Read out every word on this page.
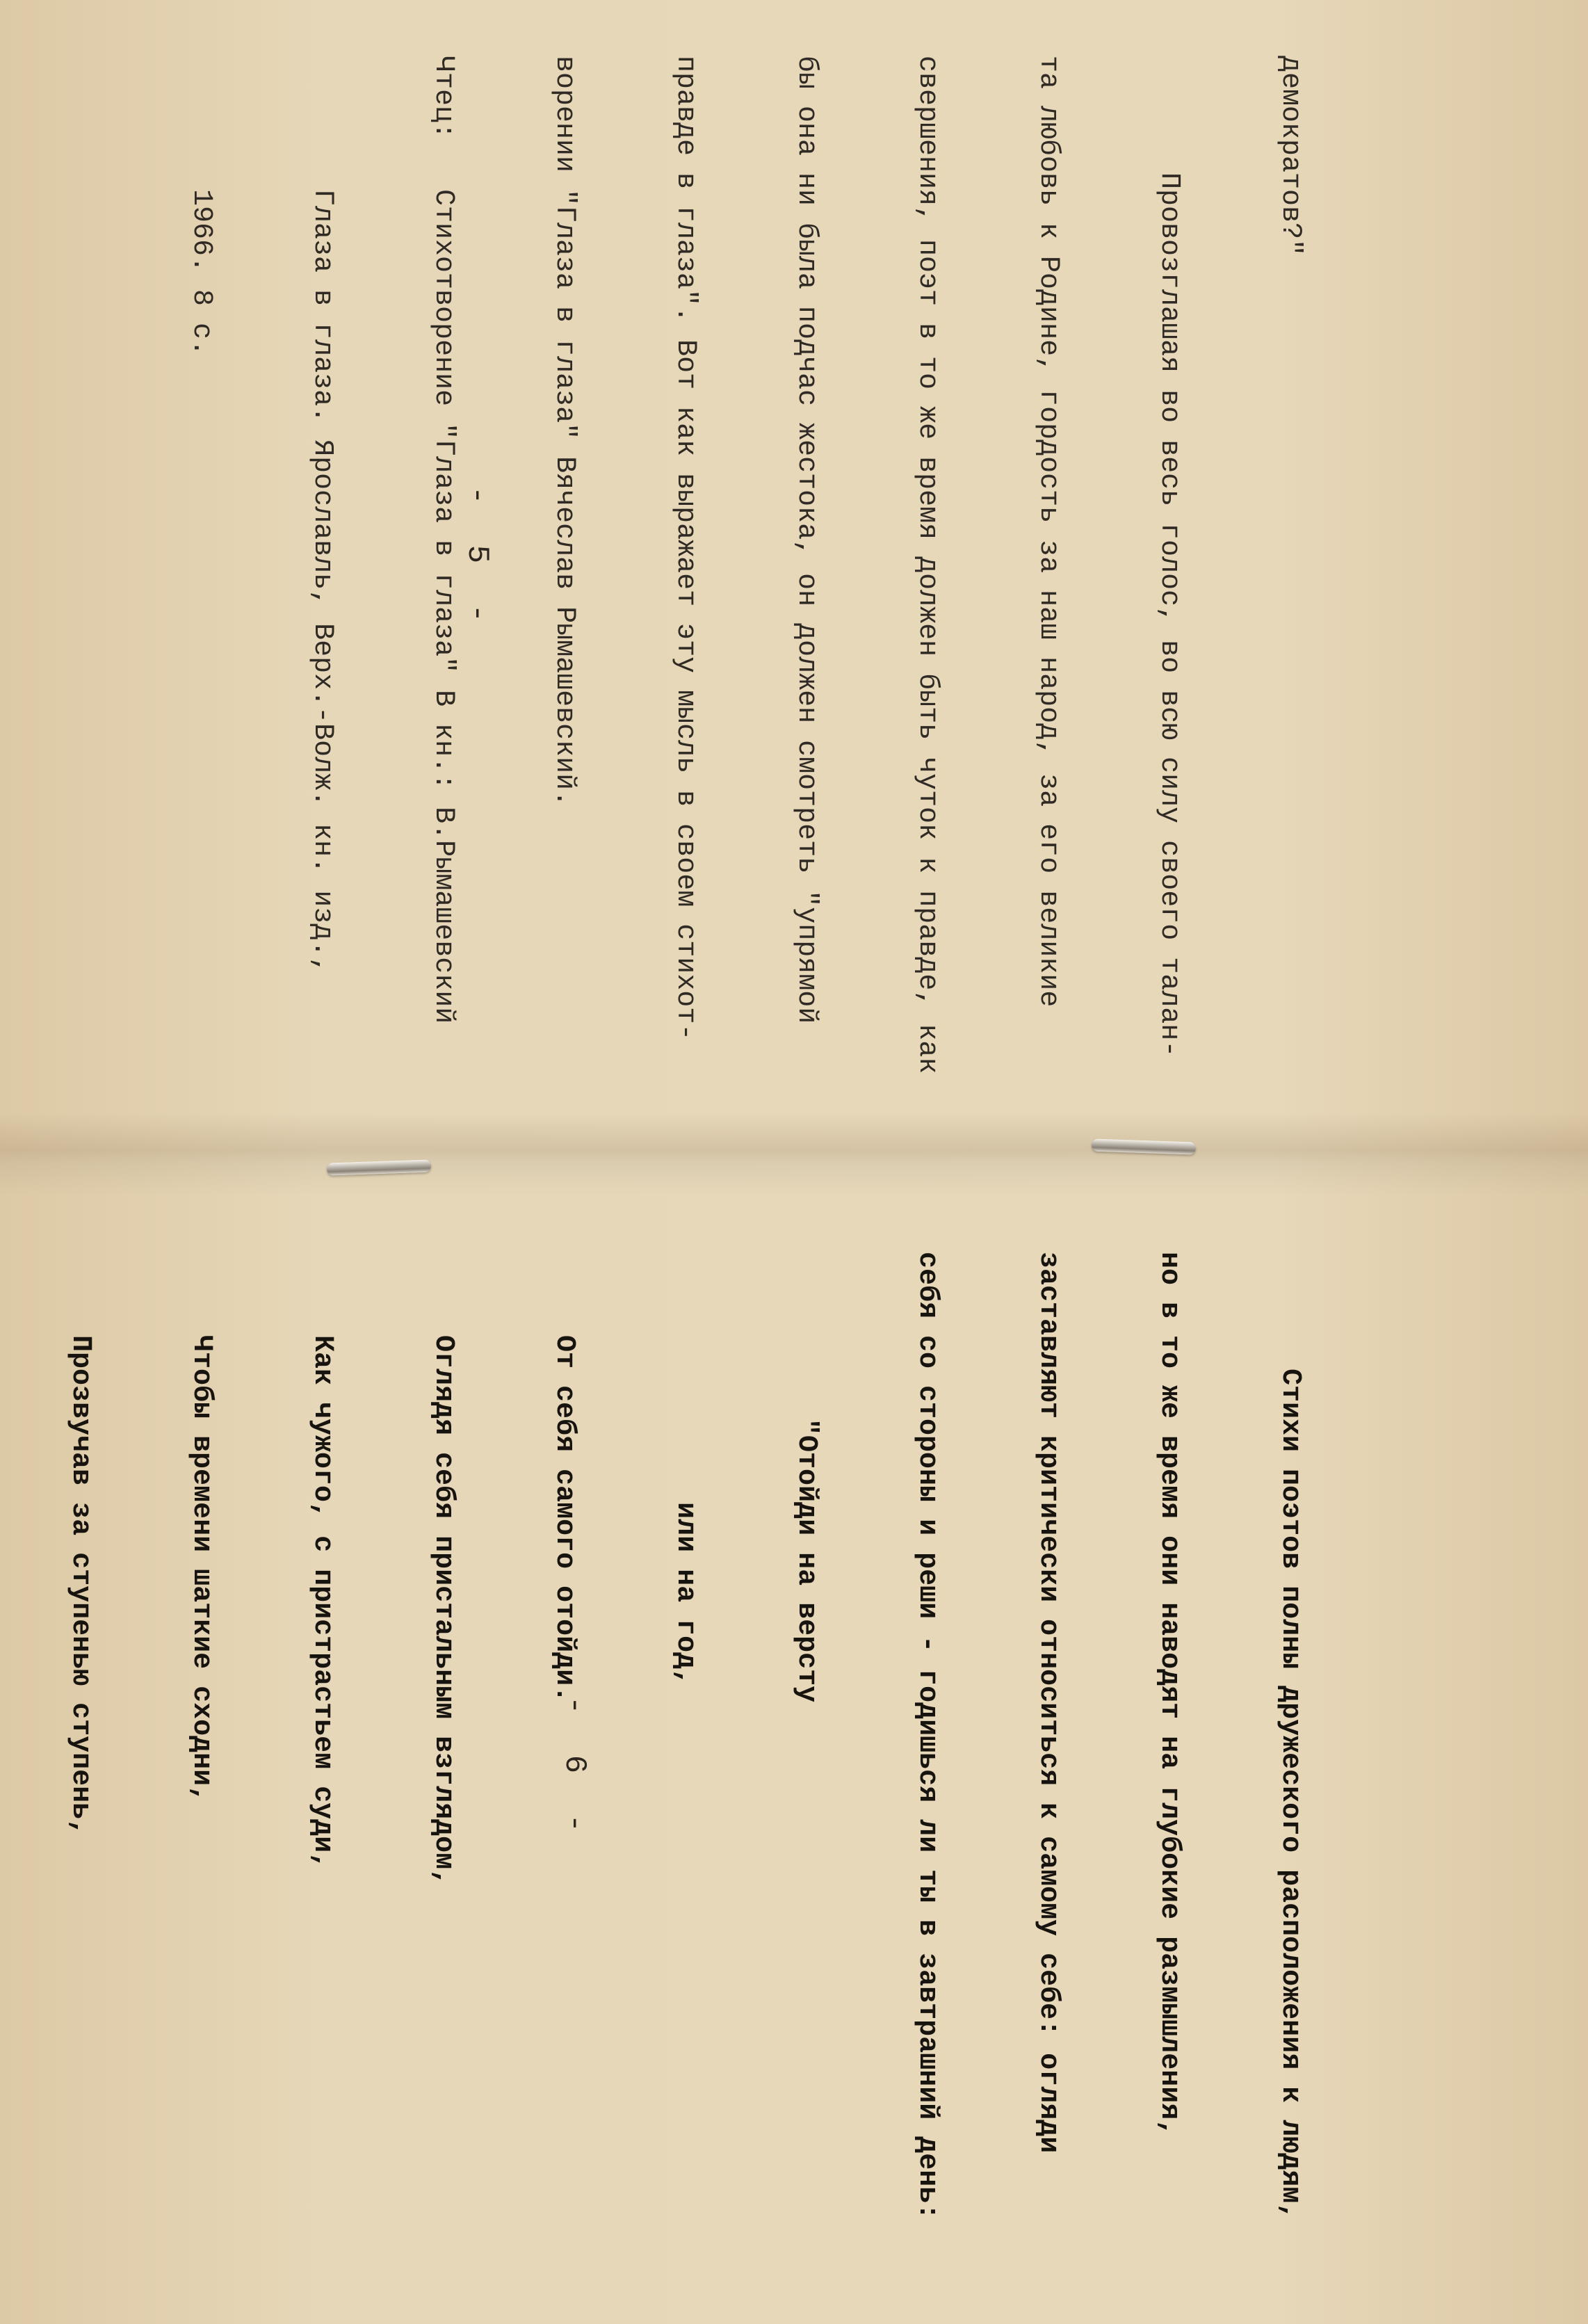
- 5 -
- 6 -

демократов?"

Провозглашая во весь голос, во всю силу своего талан-

та любовь к Родине, гордость за наш народ, за его великие

свершения, поэт в то же время должен быть чуток к правде, как

бы она ни была подчас жестока, он должен смотреть "упрямой

правде в глаза". Вот как выражает эту мысль в своем стихот-

ворении "Глаза в глаза" Вячеслав Рымашевский.

Чтец:   Стихотворение "Глаза в глаза" В кн.: В.Рымашевский

Глаза в глаза. Ярославль, Верх.-Волж. кн. изд.,

1966. 8 с.

Стихи поэтов полны дружеского расположения к людям,

но в то же время они наводят на глубокие размышления,

заставляют критически относиться к самому себе: огляди

себя со стороны и реши - годишься ли ты в завтрашний день:

"Отойди на версту

или на год,

От себя самого отойди.

Оглядя себя пристальным взглядом,

Как чужого, с пристрастьем суди,

Чтобы времени шаткие сходни,

Прозвучав за ступенью ступень,
